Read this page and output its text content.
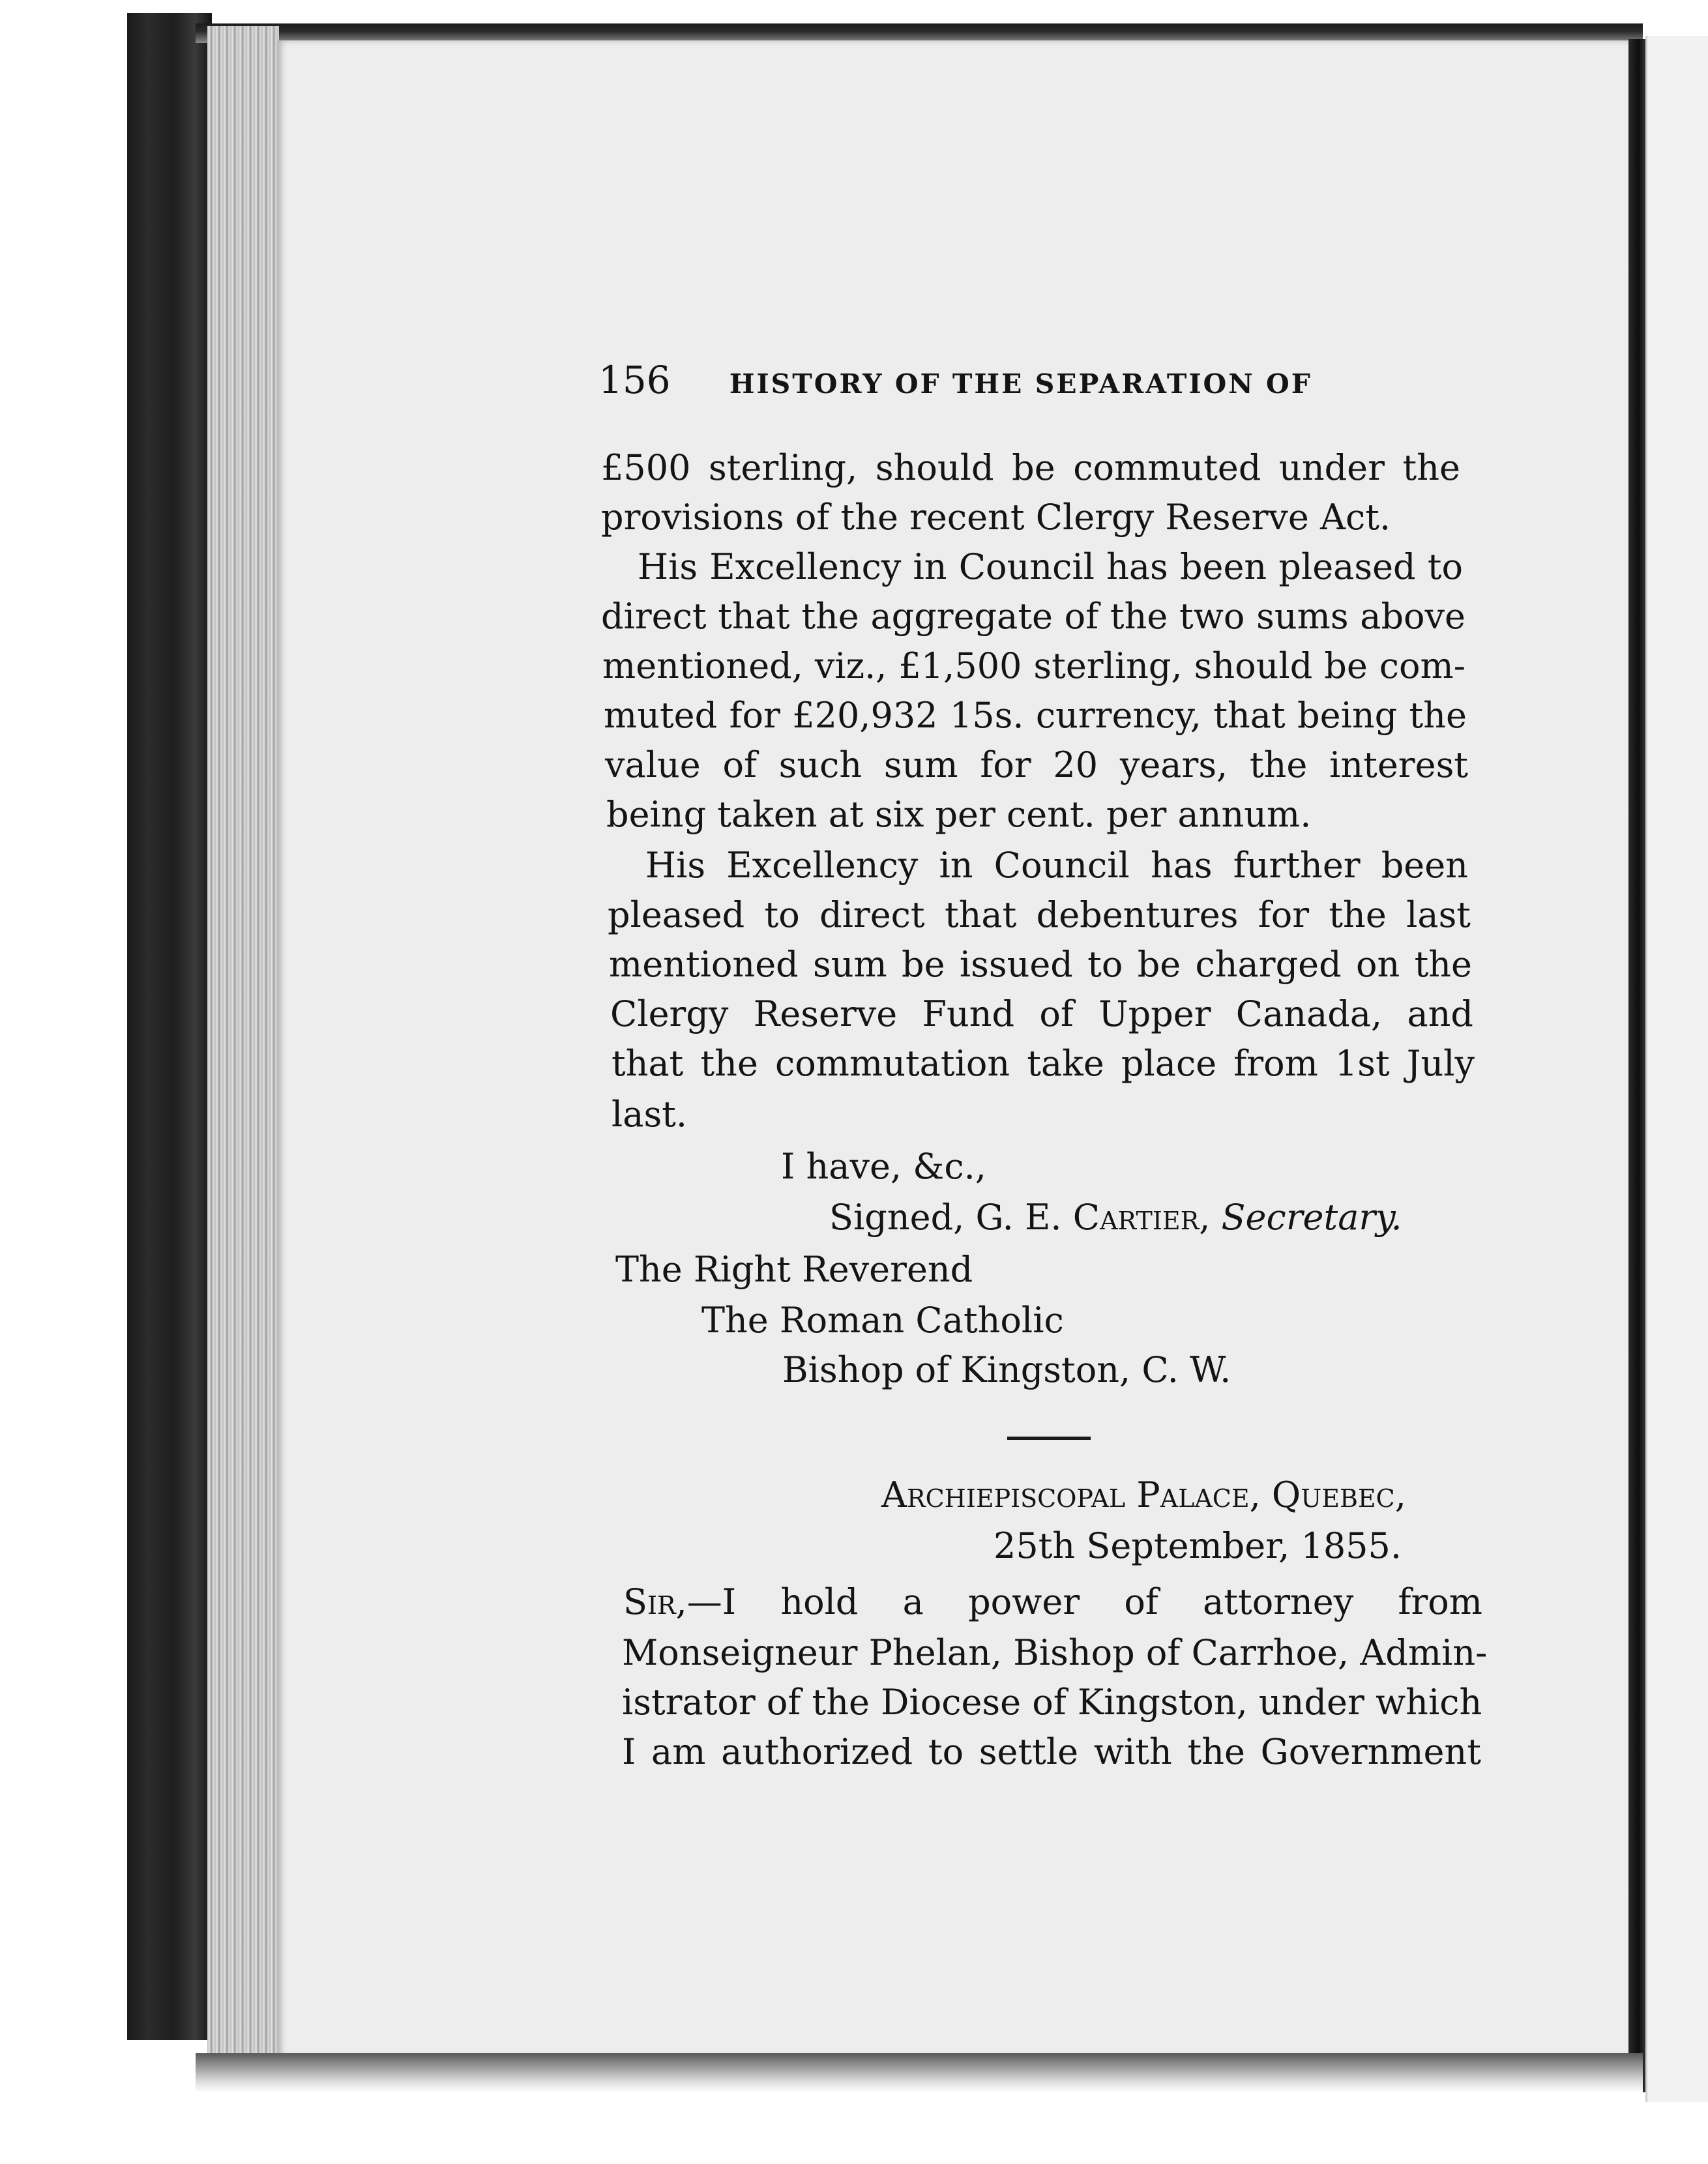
156 HISTORY OF THE SEPARATION OF

£500 sterling, should be commuted under the

provisions of the recent Clergy Reserve Act.

His Excellency in Council has been pleased to

direct that the aggregate of the two sums above

mentioned, viz., £1,500 sterling, should be com-

muted for £20,932 15s. currency, that being the

value of such sum for 20 years, the interest

being taken at six per cent. per annum.

His Excellency in Council has further been

pleased to direct that debentures for the last

mentioned sum be issued to be charged on the

Clergy Reserve Fund of Upper Canada, and

that the commutation take place from 1st July

last.

I have, &c.,

Signed, G. E. Cartier, Secretary.

The Right Reverend

The Roman Catholic

Bishop of Kingston, C. W.

Archiepiscopal Palace, Quebec,

25th September, 1855.

Sir,—I hold a power of attorney from

Monseigneur Phelan, Bishop of Carrhoe, Admin-

istrator of the Diocese of Kingston, under which

I am authorized to settle with the Government
